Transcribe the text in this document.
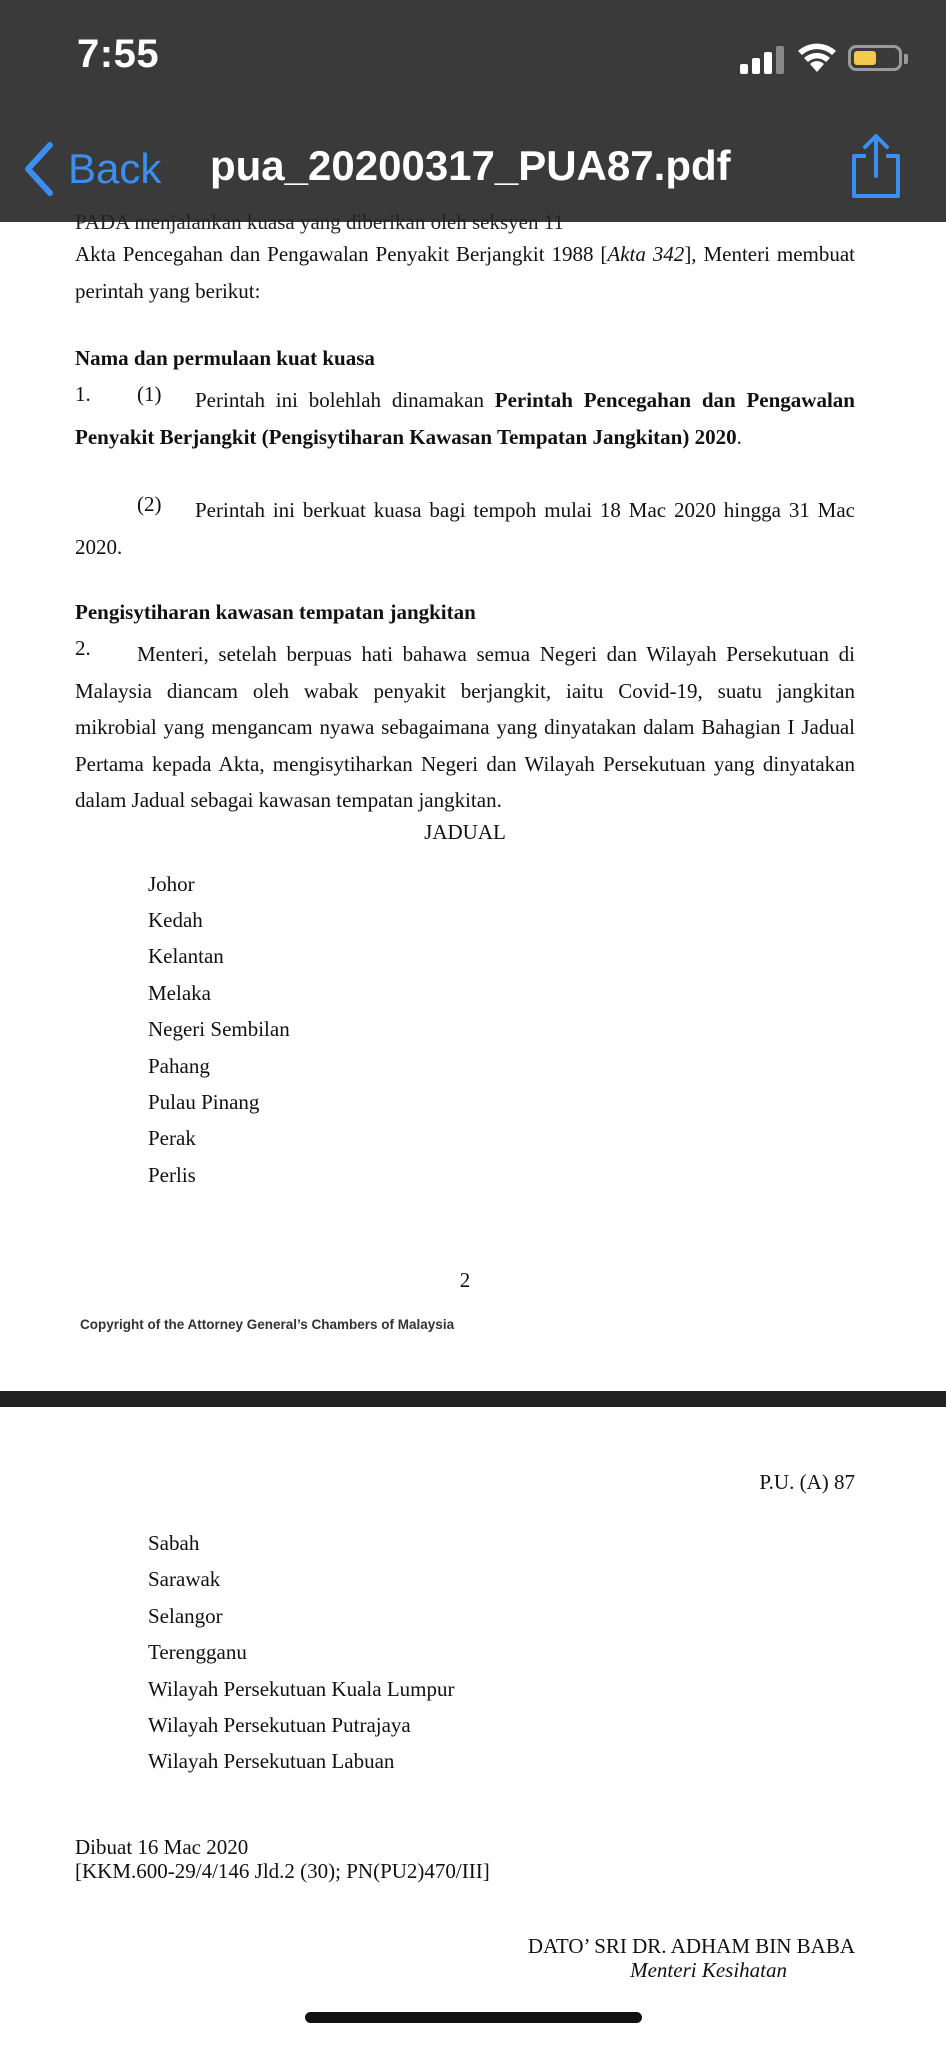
7:55
Back pua_20200317_PUA87.pdf
PADA menjalankan kuasa yang diberikan oleh seksyen 11

Akta Pencegahan dan Pengawalan Penyakit Berjangkit 1988 [Akta 342], Menteri membuat perintah yang berikut:

Nama dan permulaan kuat kuasa
1. (1)	Perintah ini bolehlah dinamakan Perintah Pencegahan dan Pengawalan Penyakit Berjangkit (Pengisytiharan Kawasan Tempatan Jangkitan) 2020.

(2)	Perintah ini berkuat kuasa bagi tempoh mulai 18 Mac 2020 hingga 31 Mac 2020.

Pengisytiharan kawasan tempatan jangkitan
2.	Menteri, setelah berpuas hati bahawa semua Negeri dan Wilayah Persekutuan di Malaysia diancam oleh wabak penyakit berjangkit, iaitu Covid-19, suatu jangkitan mikrobial yang mengancam nyawa sebagaimana yang dinyatakan dalam Bahagian I Jadual Pertama kepada Akta, mengisytiharkan Negeri dan Wilayah Persekutuan yang dinyatakan dalam Jadual sebagai kawasan tempatan jangkitan.

JADUAL
Johor
Kedah
Kelantan
Melaka
Negeri Sembilan
Pahang
Pulau Pinang
Perak
Perlis
2
Copyright of the Attorney General’s Chambers of Malaysia
P.U. (A) 87
Sabah
Sarawak
Selangor
Terengganu
Wilayah Persekutuan Kuala Lumpur
Wilayah Persekutuan Putrajaya
Wilayah Persekutuan Labuan
Dibuat 16 Mac 2020
[KKM.600-29/4/146 Jld.2 (30); PN(PU2)470/III]
DATO’ SRI DR. ADHAM BIN BABA
Menteri Kesihatan
